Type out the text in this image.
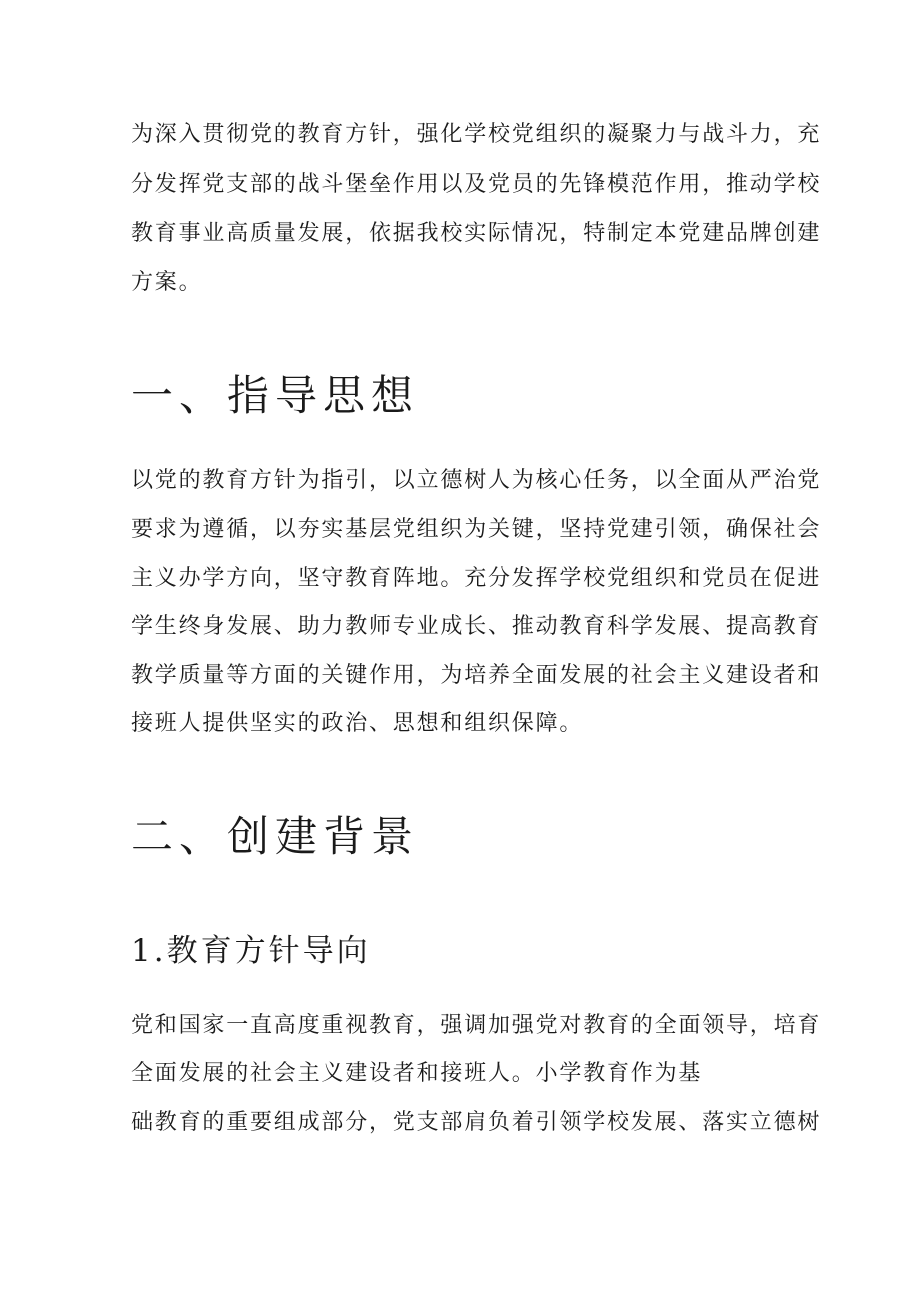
为深入贯彻党的教育方针，强化学校党组织的凝聚力与战斗力，充
分发挥党支部的战斗堡垒作用以及党员的先锋模范作用，推动学校
教育事业高质量发展，依据我校实际情况，特制定本党建品牌创建
方案。
一、指导思想
以党的教育方针为指引，以立德树人为核心任务，以全面从严治党
要求为遵循，以夯实基层党组织为关键，坚持党建引领，确保社会
主义办学方向，坚守教育阵地。充分发挥学校党组织和党员在促进
学生终身发展、助力教师专业成长、推动教育科学发展、提高教育
教学质量等方面的关键作用，为培养全面发展的社会主义建设者和
接班人提供坚实的政治、思想和组织保障。
二、创建背景
1.教育方针导向
党和国家一直高度重视教育，强调加强党对教育的全面领导，培育
全面发展的社会主义建设者和接班人。小学教育作为基
础教育的重要组成部分，党支部肩负着引领学校发展、落实立德树
